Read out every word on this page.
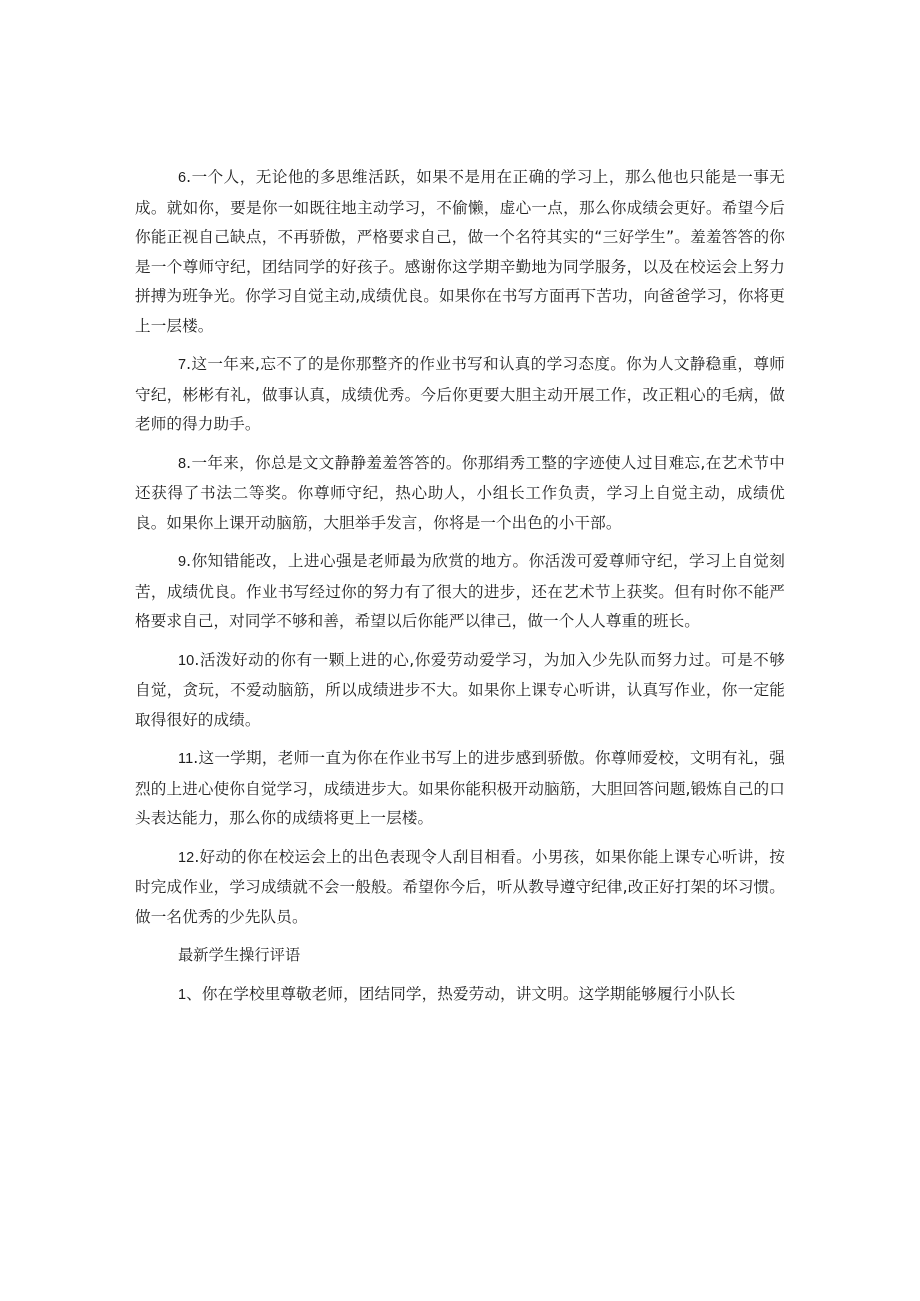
6.一个人，无论他的多思维活跃，如果不是用在正确的学习上，那么他也只能是一事无成。就如你，要是你一如既往地主动学习，不偷懒，虚心一点，那么你成绩会更好。希望今后你能正视自己缺点，不再骄傲，严格要求自己，做一个名符其实的“三好学生”。羞羞答答的你是一个尊师守纪，团结同学的好孩子。感谢你这学期辛勤地为同学服务，以及在校运会上努力拼搏为班争光。你学习自觉主动,成绩优良。如果你在书写方面再下苦功，向爸爸学习，你将更上一层楼。

7.这一年来,忘不了的是你那整齐的作业书写和认真的学习态度。你为人文静稳重，尊师守纪，彬彬有礼，做事认真，成绩优秀。今后你更要大胆主动开展工作，改正粗心的毛病，做老师的得力助手。

8.一年来，你总是文文静静羞羞答答的。你那绢秀工整的字迹使人过目难忘,在艺术节中还获得了书法二等奖。你尊师守纪，热心助人，小组长工作负责，学习上自觉主动，成绩优良。如果你上课开动脑筋，大胆举手发言，你将是一个出色的小干部。

9.你知错能改，上进心强是老师最为欣赏的地方。你活泼可爱尊师守纪，学习上自觉刻苦，成绩优良。作业书写经过你的努力有了很大的进步，还在艺术节上获奖。但有时你不能严格要求自己，对同学不够和善，希望以后你能严以律己，做一个人人尊重的班长。

10.活泼好动的你有一颗上进的心,你爱劳动爱学习，为加入少先队而努力过。可是不够自觉，贪玩，不爱动脑筋，所以成绩进步不大。如果你上课专心听讲，认真写作业，你一定能取得很好的成绩。

11.这一学期，老师一直为你在作业书写上的进步感到骄傲。你尊师爱校，文明有礼，强烈的上进心使你自觉学习，成绩进步大。如果你能积极开动脑筋，大胆回答问题,锻炼自己的口头表达能力，那么你的成绩将更上一层楼。

12.好动的你在校运会上的出色表现令人刮目相看。小男孩，如果你能上课专心听讲，按时完成作业，学习成绩就不会一般般。希望你今后，听从教导遵守纪律,改正好打架的坏习惯。做一名优秀的少先队员。

最新学生操行评语

1、你在学校里尊敬老师，团结同学，热爱劳动，讲文明。这学期能够履行小队长
